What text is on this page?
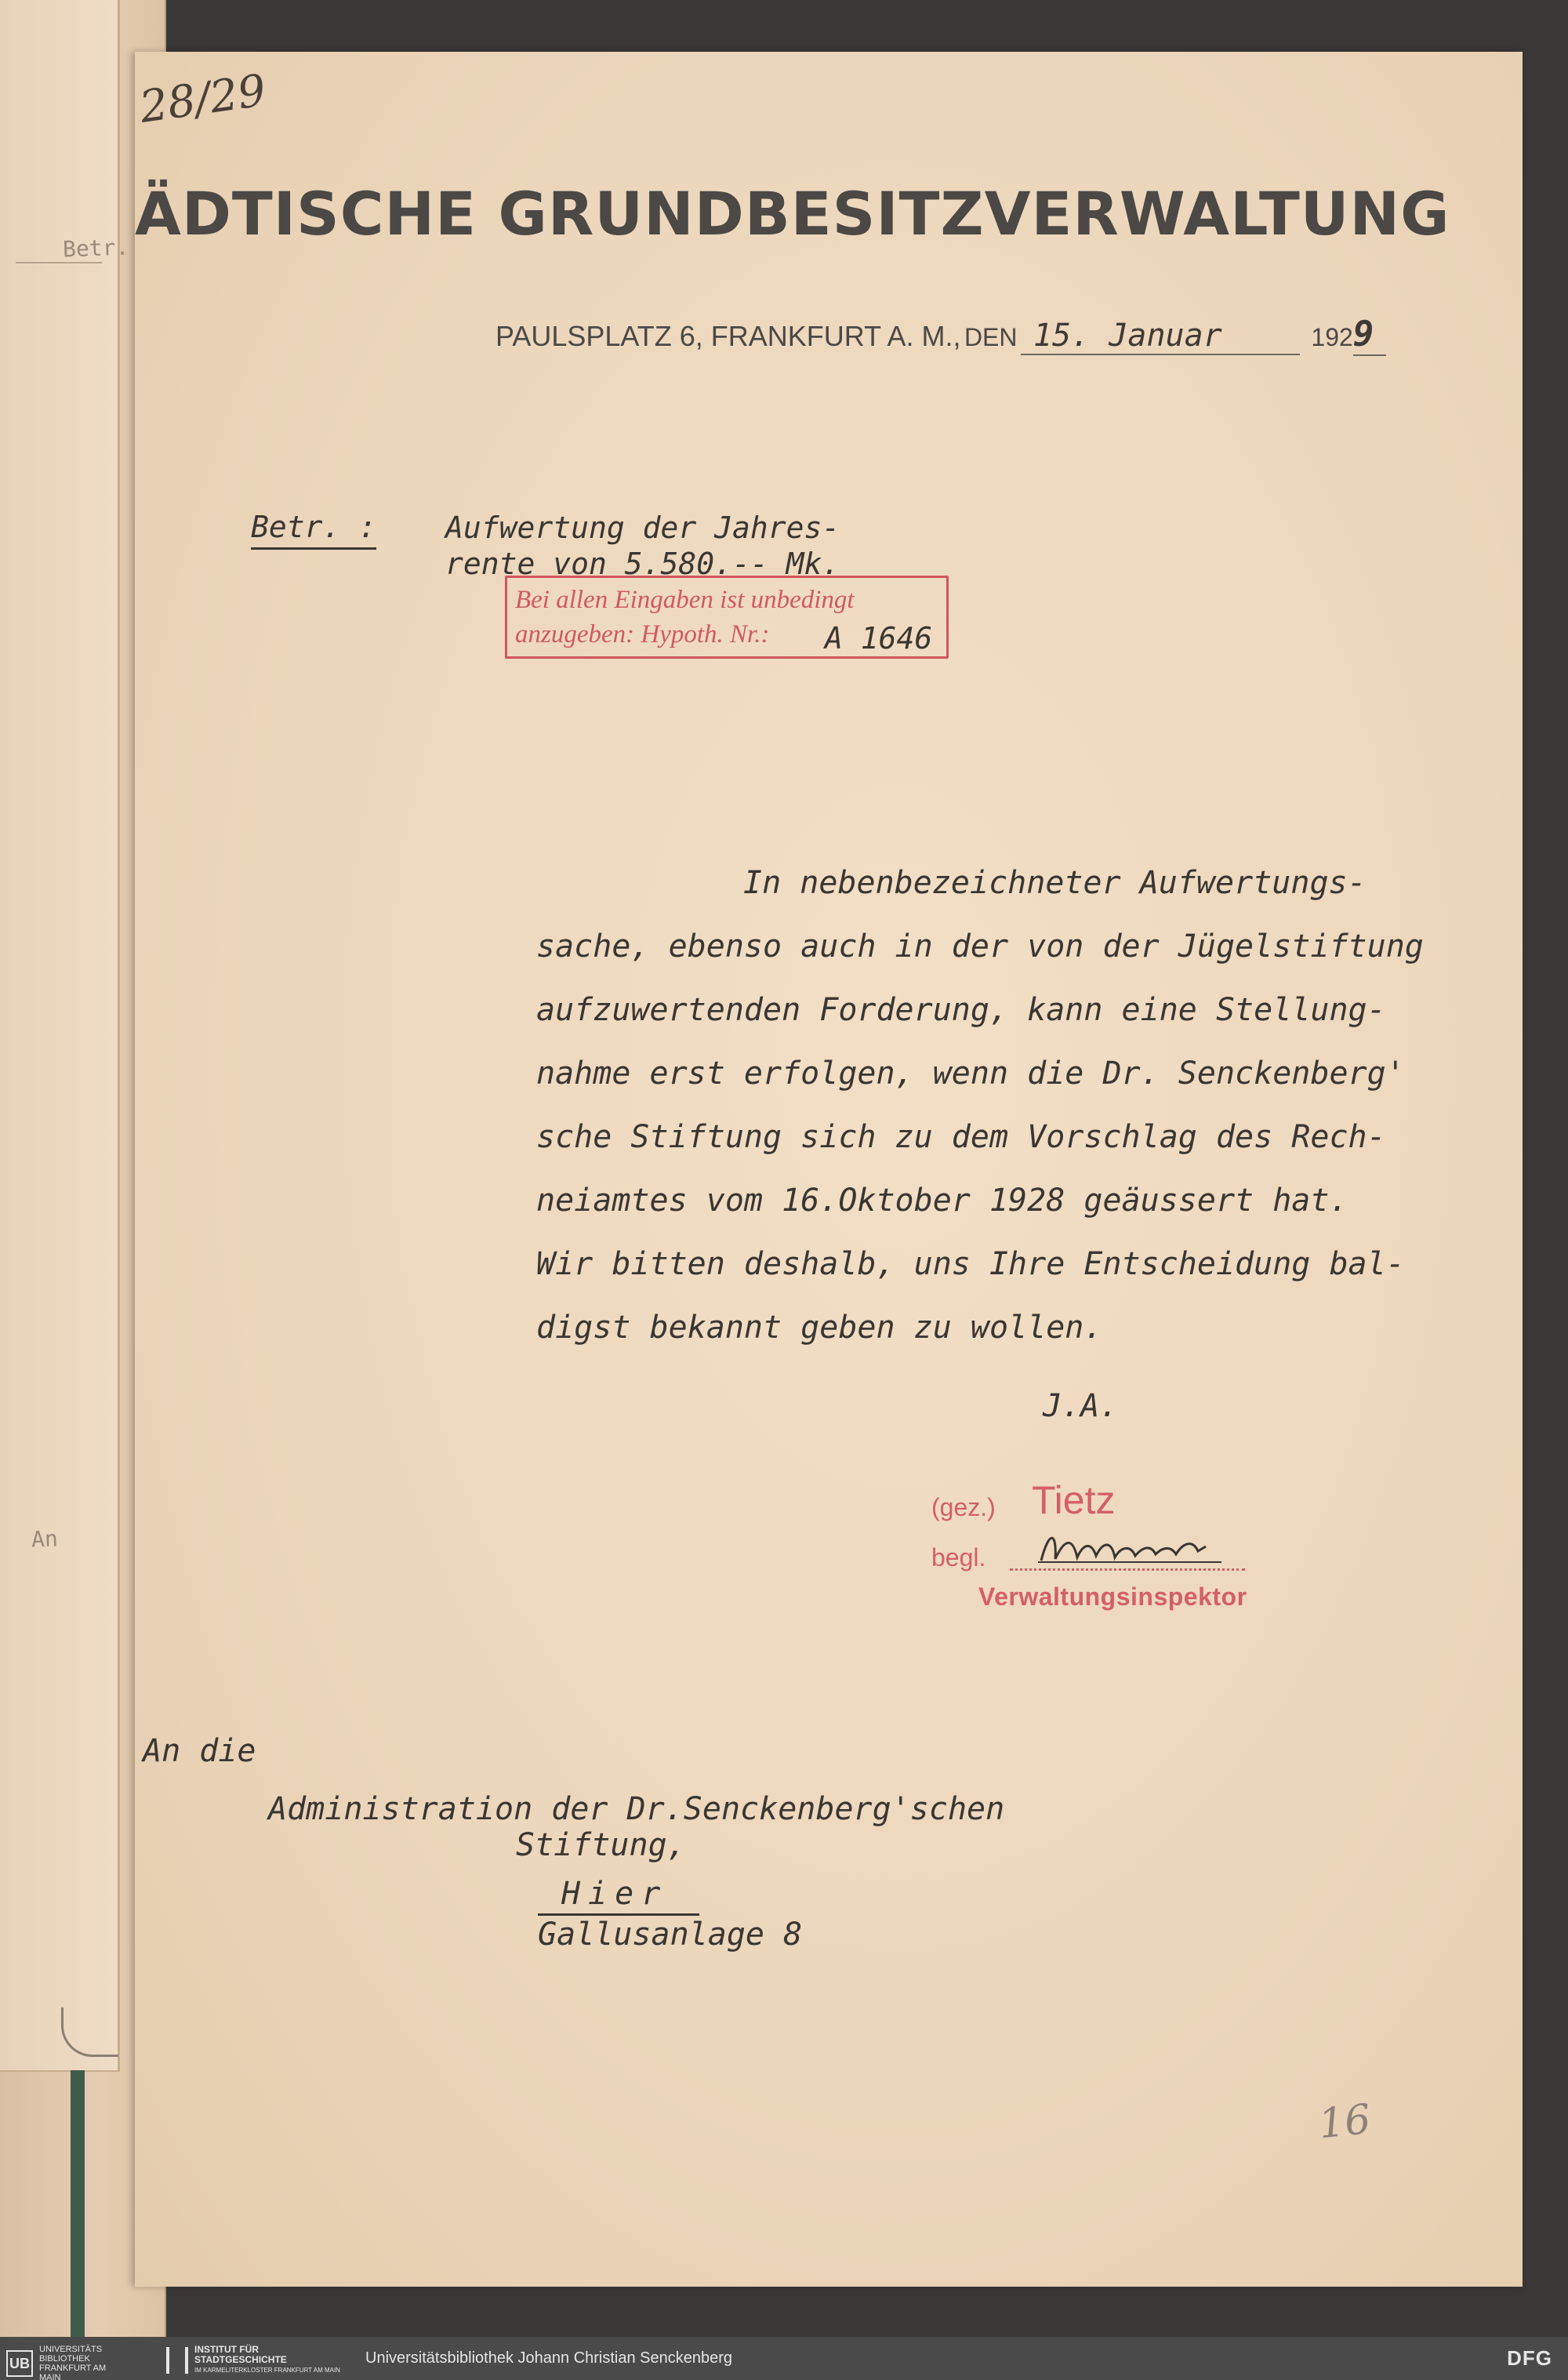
Betr.
An
28/29
ÄDTISCHE GRUNDBESITZVERWALTUNG
PAULSPLATZ 6, FRANKFURT A. M., DEN 15. Januar	1929
Betr. : Aufwertung der Jahres-
rente von 5.580.-- Mk.
Bei allen Eingaben ist unbedingt
anzugeben: Hypoth. Nr.:	A 1646
In nebenbezeichneter Aufwertungs-
sache, ebenso auch in der von der Jügelstiftung
aufzuwertenden Forderung, kann eine Stellung-
nahme erst erfolgen, wenn die Dr. Senckenberg'
sche Stiftung sich zu dem Vorschlag des Rech-
neiamtes vom 16.Oktober 1928 geäussert hat.
Wir bitten deshalb, uns Ihre Entscheidung bal-
digst bekannt geben zu wollen.
J.A.
(gez.) Tietz
begl.
Verwaltungsinspektor
An die
Administration der Dr.Senckenberg'schen
Stiftung,
Hier
Gallusanlage 8
16
UB
UNIVERSITÄTS BIBLIOTHEK
FRANKFURT AM MAIN
INSTITUT FÜR
STADTGESCHICHTE
IM KARMELITERKLOSTER FRANKFURT AM MAIN
Universitätsbibliothek Johann Christian Senckenberg	DFG
